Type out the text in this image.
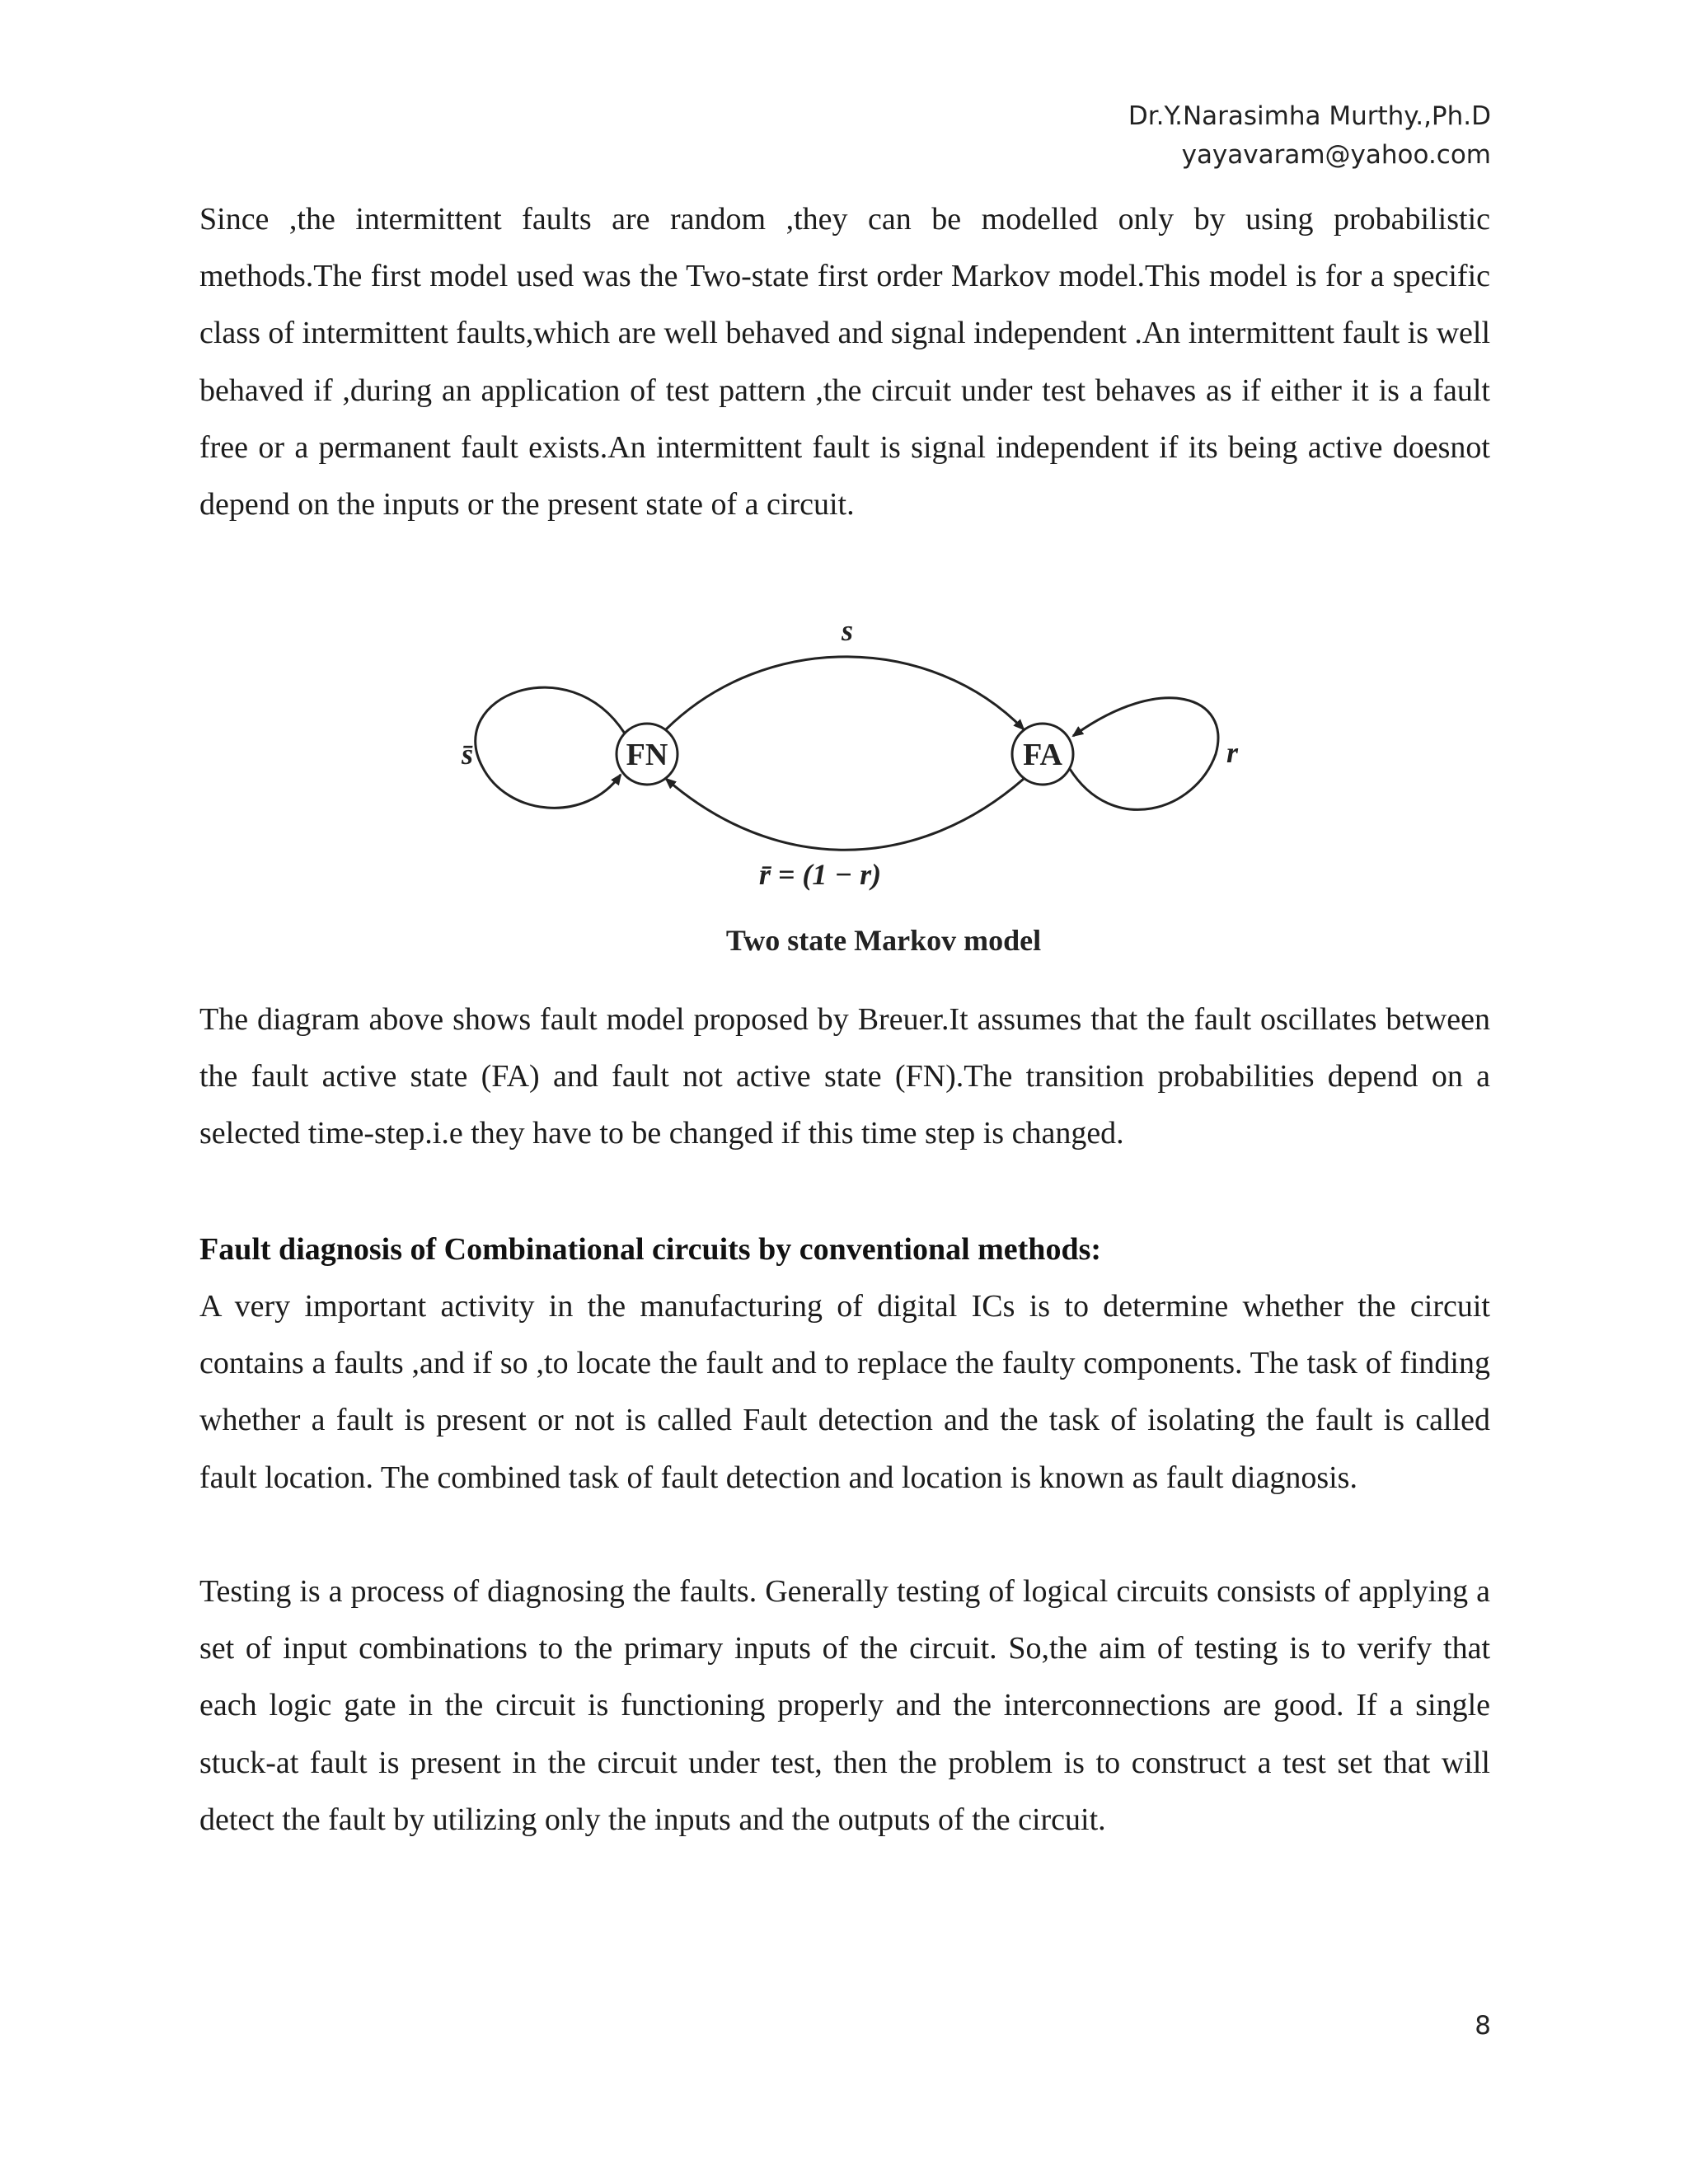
Dr.Y.Narasimha Murthy.,Ph.D
yayavaram@yahoo.com

Since ,the intermittent faults are random ,they can be modelled only by using probabilistic methods.The first model used was the Two-state first order Markov model.This model is for a specific class of intermittent faults,which are well behaved and signal independent .An intermittent fault is well behaved if ,during an application of test pattern ,the circuit under test behaves as if either it is a fault free or a permanent fault exists.An intermittent fault is signal independent if its being active doesnot depend on the inputs or the present state of a circuit.

FN	FA
s̄	r
s
r̄ = (1 − r)
Two state Markov model

The diagram above shows fault model proposed by Breuer.It assumes that the fault oscillates between the fault active state (FA) and fault not active state (FN).The transition probabilities depend on a selected time-step.i.e they have to be changed if this time step is changed.

Fault diagnosis of Combinational circuits by conventional methods:

A very important activity in the manufacturing of digital ICs is to determine whether the circuit contains a faults ,and if so ,to locate the fault and to replace the faulty components. The task of finding whether a fault is present or not is called Fault detection and the task of isolating the fault is called fault location. The combined task of fault detection and location is known as fault diagnosis.

Testing is a process of diagnosing the faults. Generally testing of logical circuits consists of applying a set of input combinations to the primary inputs of the circuit. So,the aim of testing is to verify that each logic gate in the circuit is functioning properly and the interconnections are good. If a single stuck-at fault is present in the circuit under test, then the problem is to construct a test set that will detect the fault by utilizing only the inputs and the outputs of the circuit.

8
